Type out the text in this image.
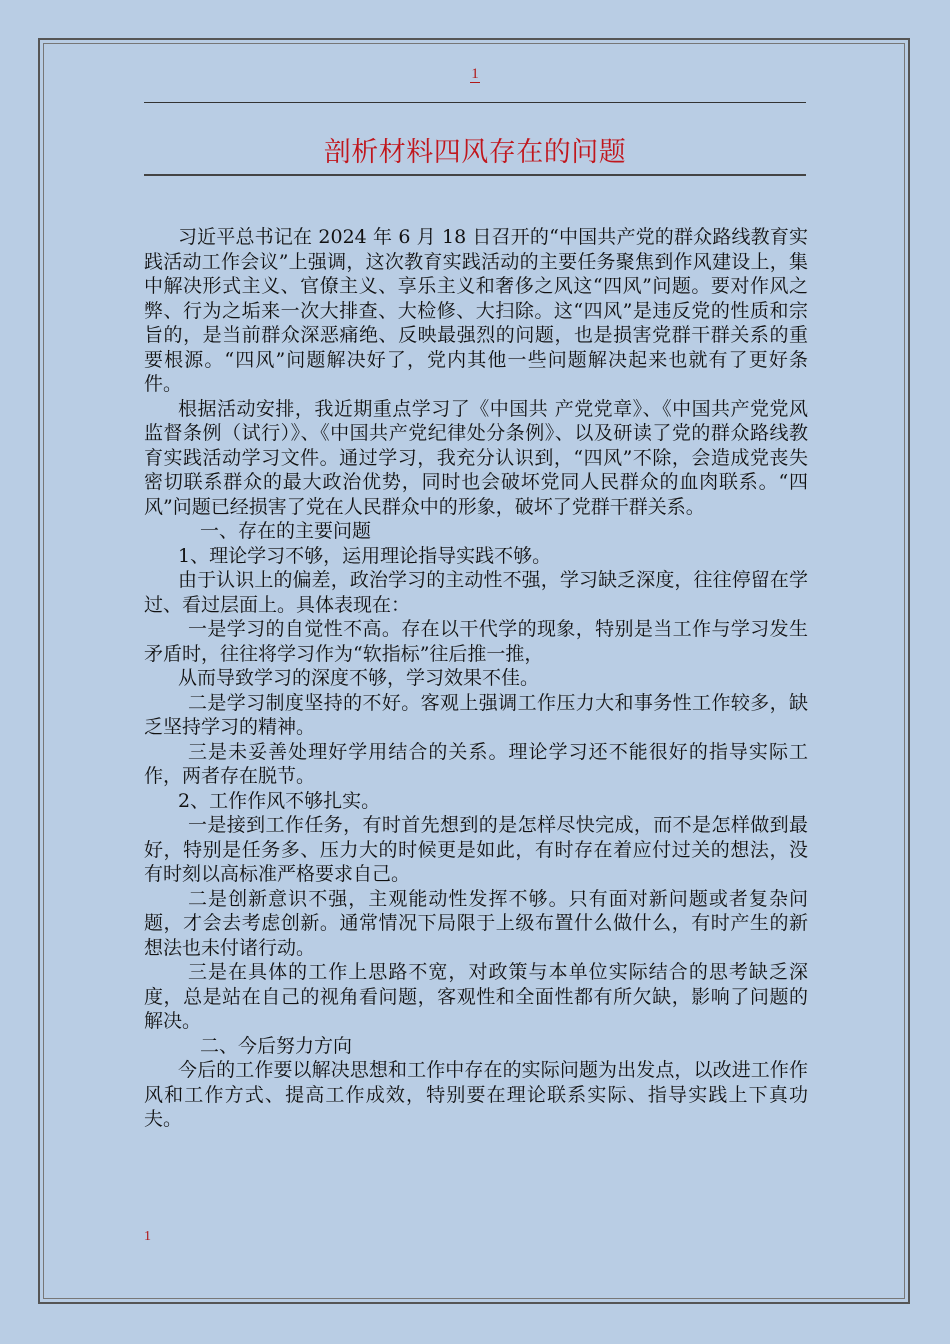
1
剖析材料四风存在的问题

习近平总书记在 2024 年 6 月 18 日召开的“中国共产党的群众路线教育实践活动工作会议”上强调，这次教育实践活动的主要任务聚焦到作风建设上，集中解决形式主义、官僚主义、享乐主义和奢侈之风这“四风”问题。要对作风之弊、行为之垢来一次大排查、大检修、大扫除。这“四风”是违反党的性质和宗旨的，是当前群众深恶痛绝、反映最强烈的问题，也是损害党群干群关系的重要根源。“四风”问题解决好了，党内其他一些问题解决起来也就有了更好条件。

根据活动安排，我近期重点学习了《中国共 产党党章》、《中国共产党党风监督条例（试行）》、《中国共产党纪律处分条例》、以及研读了党的群众路线教育实践活动学习文件。通过学习，我充分认识到，“四风”不除，会造成党丧失密切联系群众的最大政治优势，同时也会破坏党同人民群众的血肉联系。“四风”问题已经损害了党在人民群众中的形象，破坏了党群干群关系。

一、存在的主要问题

1、理论学习不够，运用理论指导实践不够。

由于认识上的偏差，政治学习的主动性不强，学习缺乏深度，往往停留在学过、看过层面上。具体表现在：

一是学习的自觉性不高。存在以干代学的现象，特别是当工作与学习发生矛盾时，往往将学习作为“软指标”往后推一推，

从而导致学习的深度不够，学习效果不佳。

二是学习制度坚持的不好。客观上强调工作压力大和事务性工作较多，缺乏坚持学习的精神。

三是未妥善处理好学用结合的关系。理论学习还不能很好的指导实际工作，两者存在脱节。

2、工作作风不够扎实。

一是接到工作任务，有时首先想到的是怎样尽快完成，而不是怎样做到最好，特别是任务多、压力大的时候更是如此，有时存在着应付过关的想法，没有时刻以高标准严格要求自己。

二是创新意识不强，主观能动性发挥不够。只有面对新问题或者复杂问题，才会去考虑创新。通常情况下局限于上级布置什么做什么，有时产生的新想法也未付诸行动。

三是在具体的工作上思路不宽，对政策与本单位实际结合的思考缺乏深度，总是站在自己的视角看问题，客观性和全面性都有所欠缺，影响了问题的解决。

二、今后努力方向

今后的工作要以解决思想和工作中存在的实际问题为出发点，以改进工作作风和工作方式、提高工作成效，特别要在理论联系实际、指导实践上下真功夫。

1
